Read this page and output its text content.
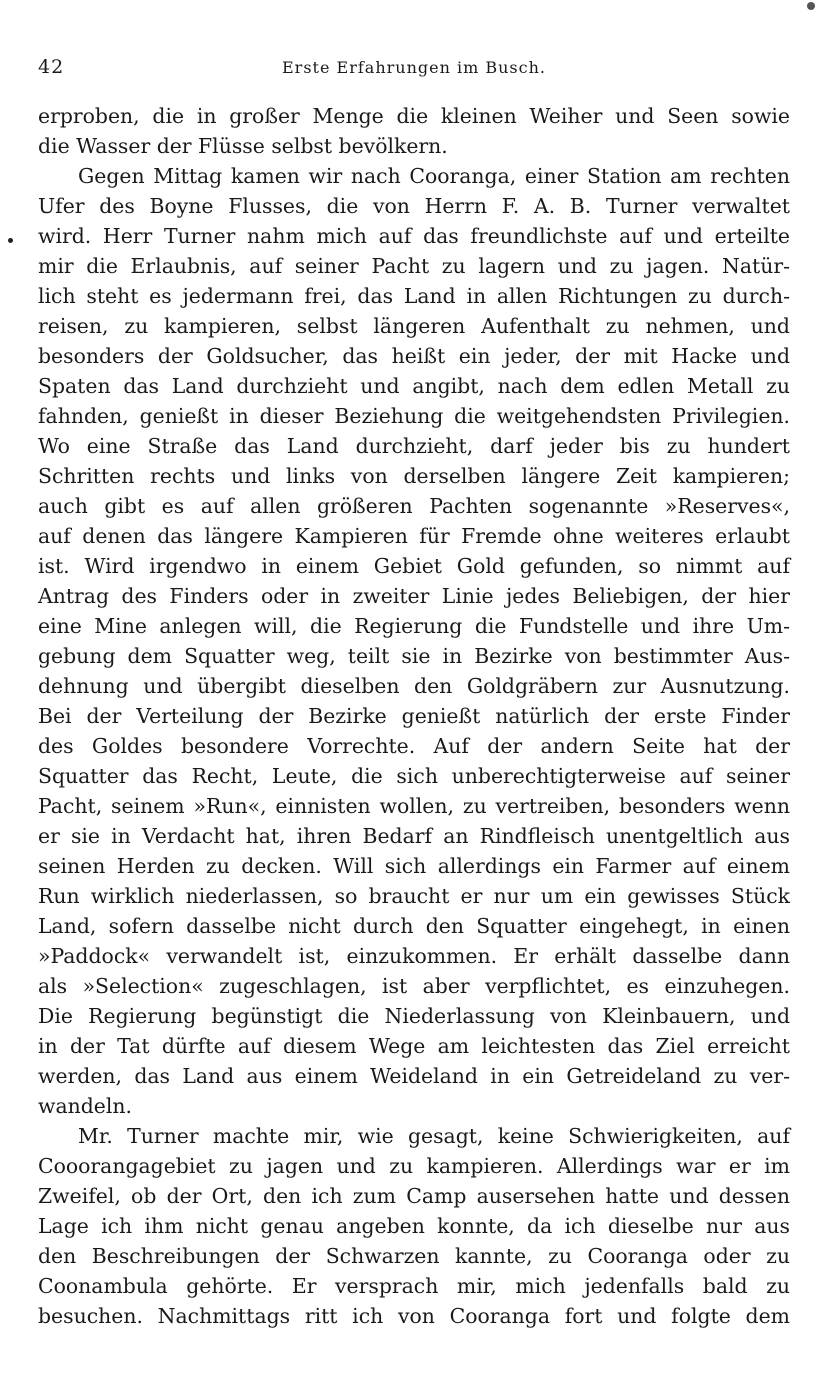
42	Erste Erfahrungen im Busch.
erproben, die in großer Menge die kleinen Weiher und Seen sowie
die Wasser der Flüsse selbst bevölkern.
Gegen Mittag kamen wir nach Cooranga, einer Station am rechten
Ufer des Boyne Flusses, die von Herrn F. A. B. Turner verwaltet
wird. Herr Turner nahm mich auf das freundlichste auf und erteilte
mir die Erlaubnis, auf seiner Pacht zu lagern und zu jagen. Natür-
lich steht es jedermann frei, das Land in allen Richtungen zu durch-
reisen, zu kampieren, selbst längeren Aufenthalt zu nehmen, und
besonders der Goldsucher, das heißt ein jeder, der mit Hacke und
Spaten das Land durchzieht und angibt, nach dem edlen Metall zu
fahnden, genießt in dieser Beziehung die weitgehendsten Privilegien.
Wo eine Straße das Land durchzieht, darf jeder bis zu hundert
Schritten rechts und links von derselben längere Zeit kampieren;
auch gibt es auf allen größeren Pachten sogenannte »Reserves«,
auf denen das längere Kampieren für Fremde ohne weiteres erlaubt
ist. Wird irgendwo in einem Gebiet Gold gefunden, so nimmt auf
Antrag des Finders oder in zweiter Linie jedes Beliebigen, der hier
eine Mine anlegen will, die Regierung die Fundstelle und ihre Um-
gebung dem Squatter weg, teilt sie in Bezirke von bestimmter Aus-
dehnung und übergibt dieselben den Goldgräbern zur Ausnutzung.
Bei der Verteilung der Bezirke genießt natürlich der erste Finder
des Goldes besondere Vorrechte. Auf der andern Seite hat der
Squatter das Recht, Leute, die sich unberechtigterweise auf seiner
Pacht, seinem »Run«, einnisten wollen, zu vertreiben, besonders wenn
er sie in Verdacht hat, ihren Bedarf an Rindfleisch unentgeltlich aus
seinen Herden zu decken. Will sich allerdings ein Farmer auf einem
Run wirklich niederlassen, so braucht er nur um ein gewisses Stück
Land, sofern dasselbe nicht durch den Squatter eingehegt, in einen
»Paddock« verwandelt ist, einzukommen. Er erhält dasselbe dann
als »Selection« zugeschlagen, ist aber verpflichtet, es einzuhegen.
Die Regierung begünstigt die Niederlassung von Kleinbauern, und
in der Tat dürfte auf diesem Wege am leichtesten das Ziel erreicht
werden, das Land aus einem Weideland in ein Getreideland zu ver-
wandeln.
Mr. Turner machte mir, wie gesagt, keine Schwierigkeiten, auf
Cooorangagebiet zu jagen und zu kampieren. Allerdings war er im
Zweifel, ob der Ort, den ich zum Camp ausersehen hatte und dessen
Lage ich ihm nicht genau angeben konnte, da ich dieselbe nur aus
den Beschreibungen der Schwarzen kannte, zu Cooranga oder zu
Coonambula gehörte. Er versprach mir, mich jedenfalls bald zu
besuchen. Nachmittags ritt ich von Cooranga fort und folgte dem
